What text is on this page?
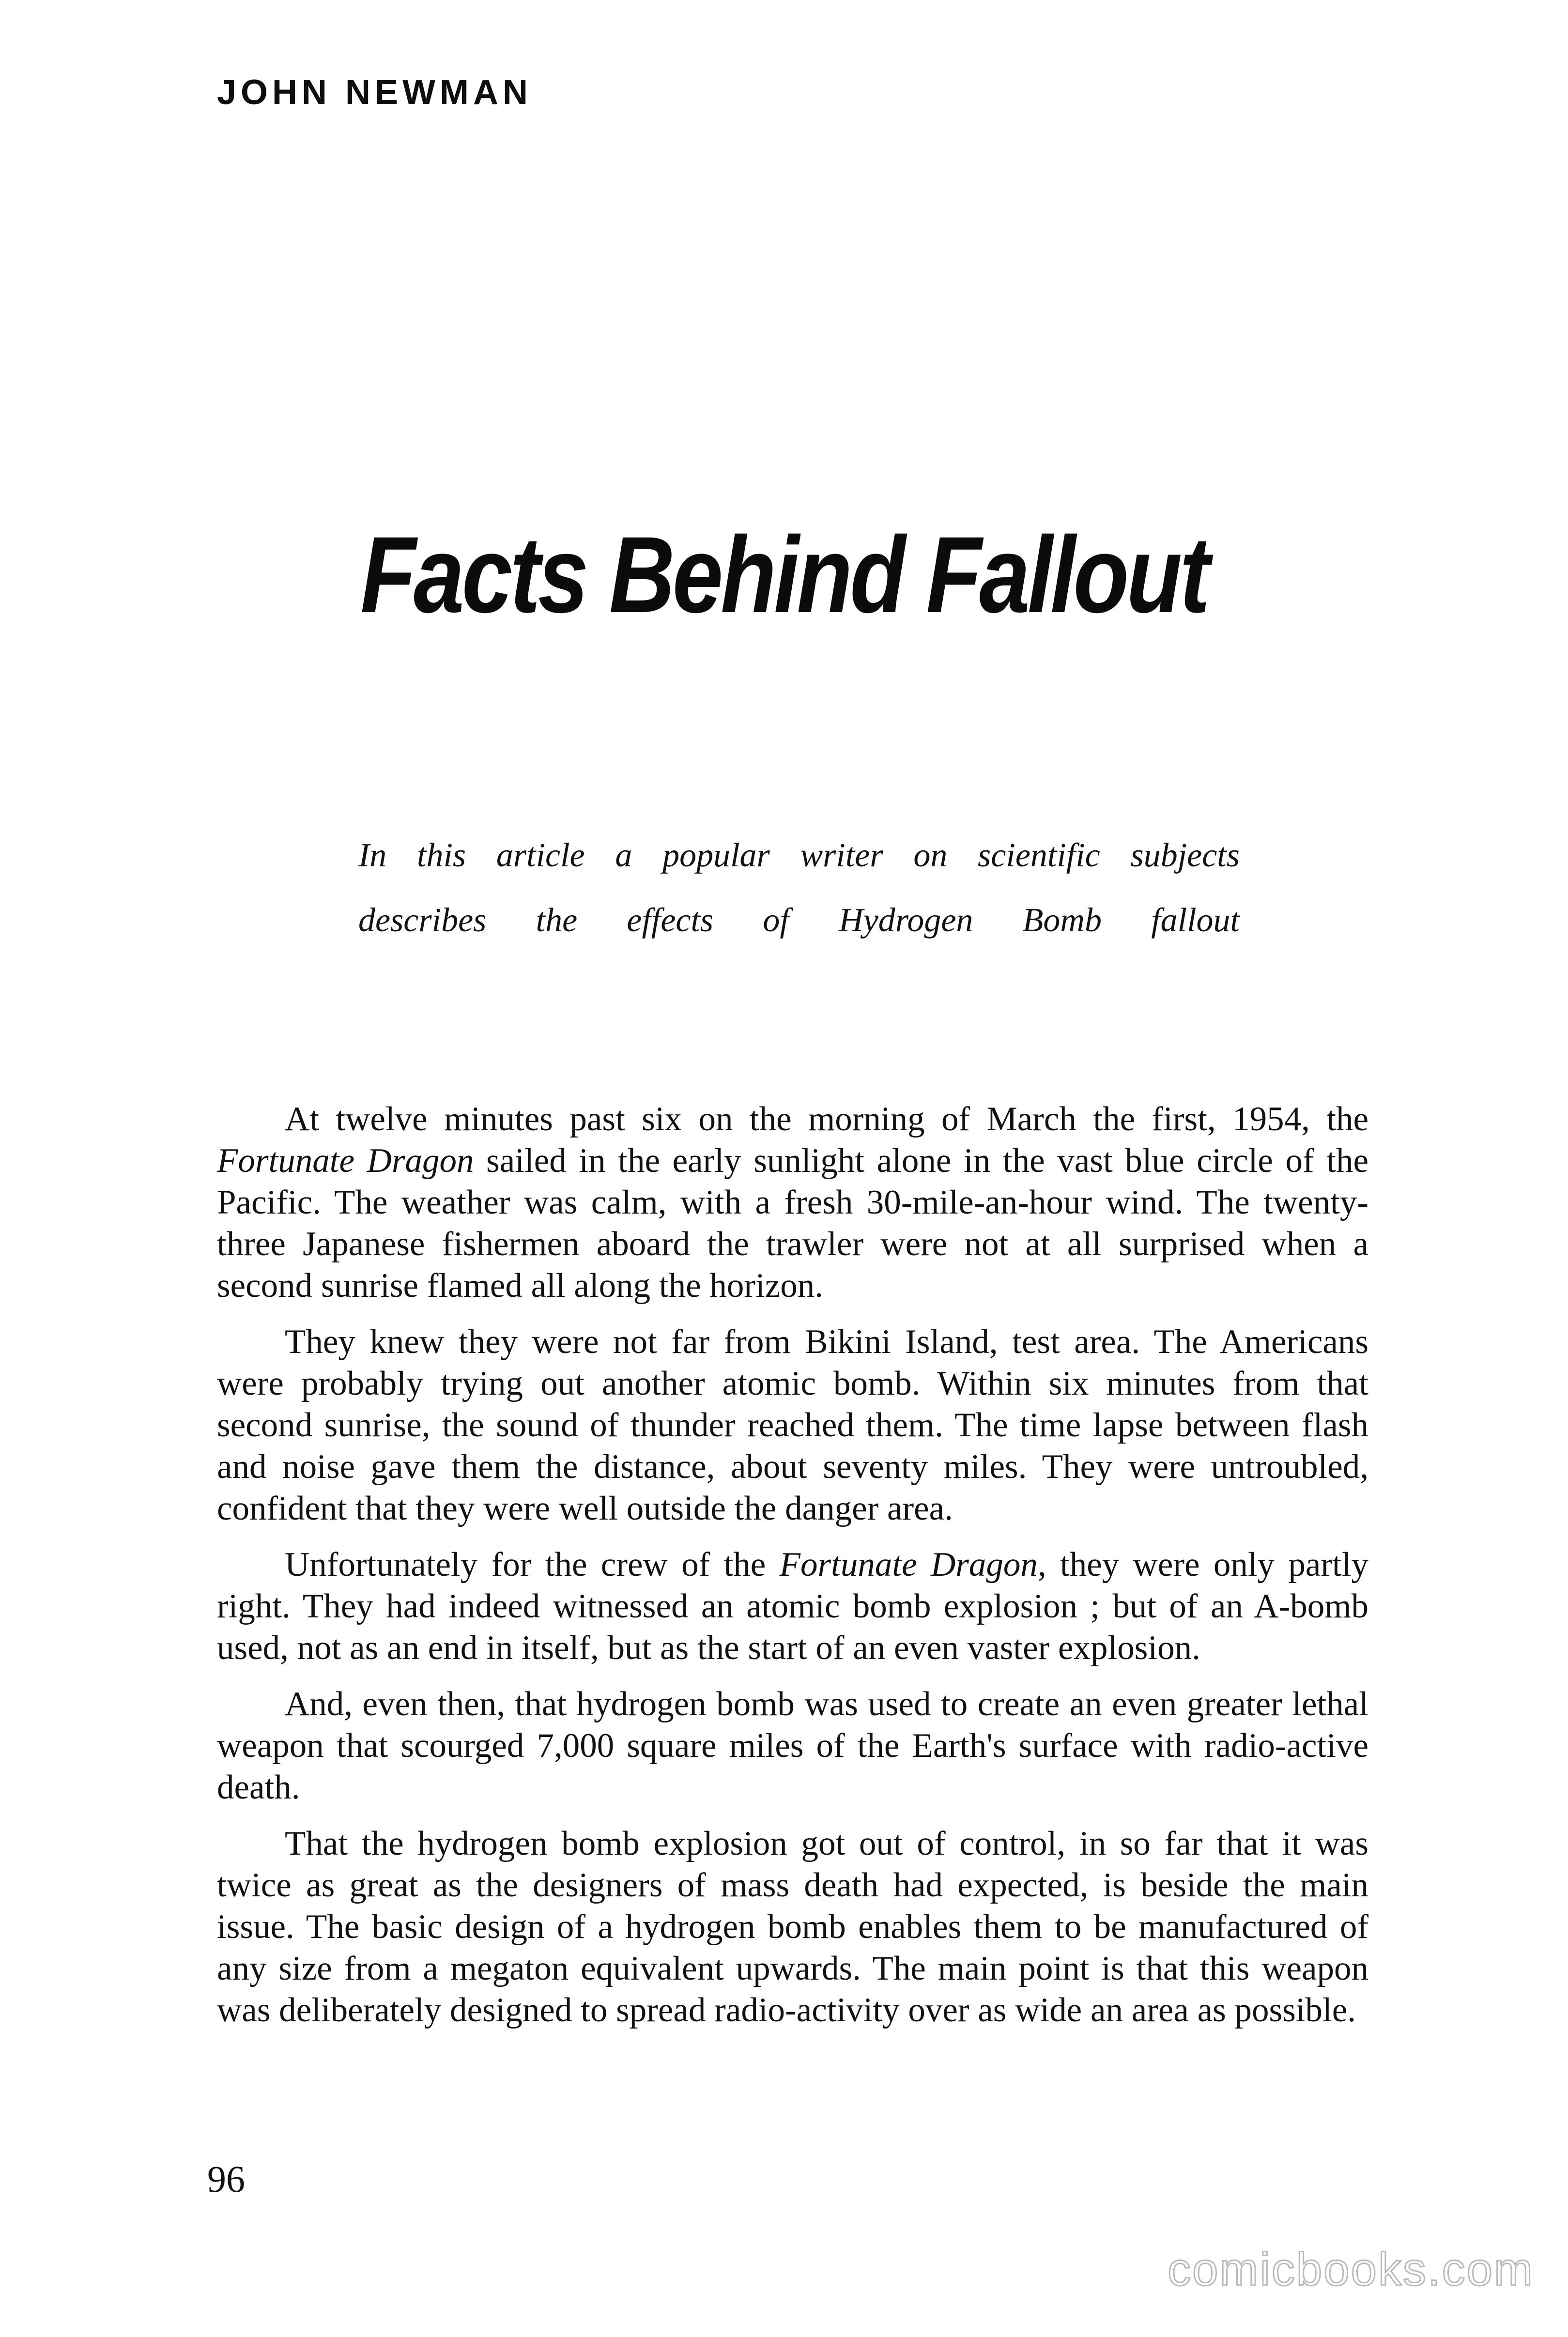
JOHN NEWMAN

Facts Behind Fallout

In this article a popular writer on scientific subjects
describes the effects of Hydrogen Bomb fallout

At twelve minutes past six on the morning of March the first, 1954, the Fortunate Dragon sailed in the early sunlight alone in the vast blue circle of the Pacific. The weather was calm, with a fresh 30-mile-an-hour wind. The twenty-three Japanese fishermen aboard the trawler were not at all surprised when a second sunrise flamed all along the horizon.

They knew they were not far from Bikini Island, test area. The Americans were probably trying out another atomic bomb. Within six minutes from that second sunrise, the sound of thunder reached them. The time lapse between flash and noise gave them the distance, about seventy miles. They were untroubled, confident that they were well outside the danger area.

Unfortunately for the crew of the Fortunate Dragon, they were only partly right. They had indeed witnessed an atomic bomb explosion ; but of an A-bomb used, not as an end in itself, but as the start of an even vaster explosion.

And, even then, that hydrogen bomb was used to create an even greater lethal weapon that scourged 7,000 square miles of the Earth's surface with radio-active death.

That the hydrogen bomb explosion got out of control, in so far that it was twice as great as the designers of mass death had expected, is beside the main issue. The basic design of a hydrogen bomb enables them to be manufactured of any size from a megaton equivalent upwards. The main point is that this weapon was deliberately designed to spread radio-activity over as wide an area as possible.

96

comicbooks.com
